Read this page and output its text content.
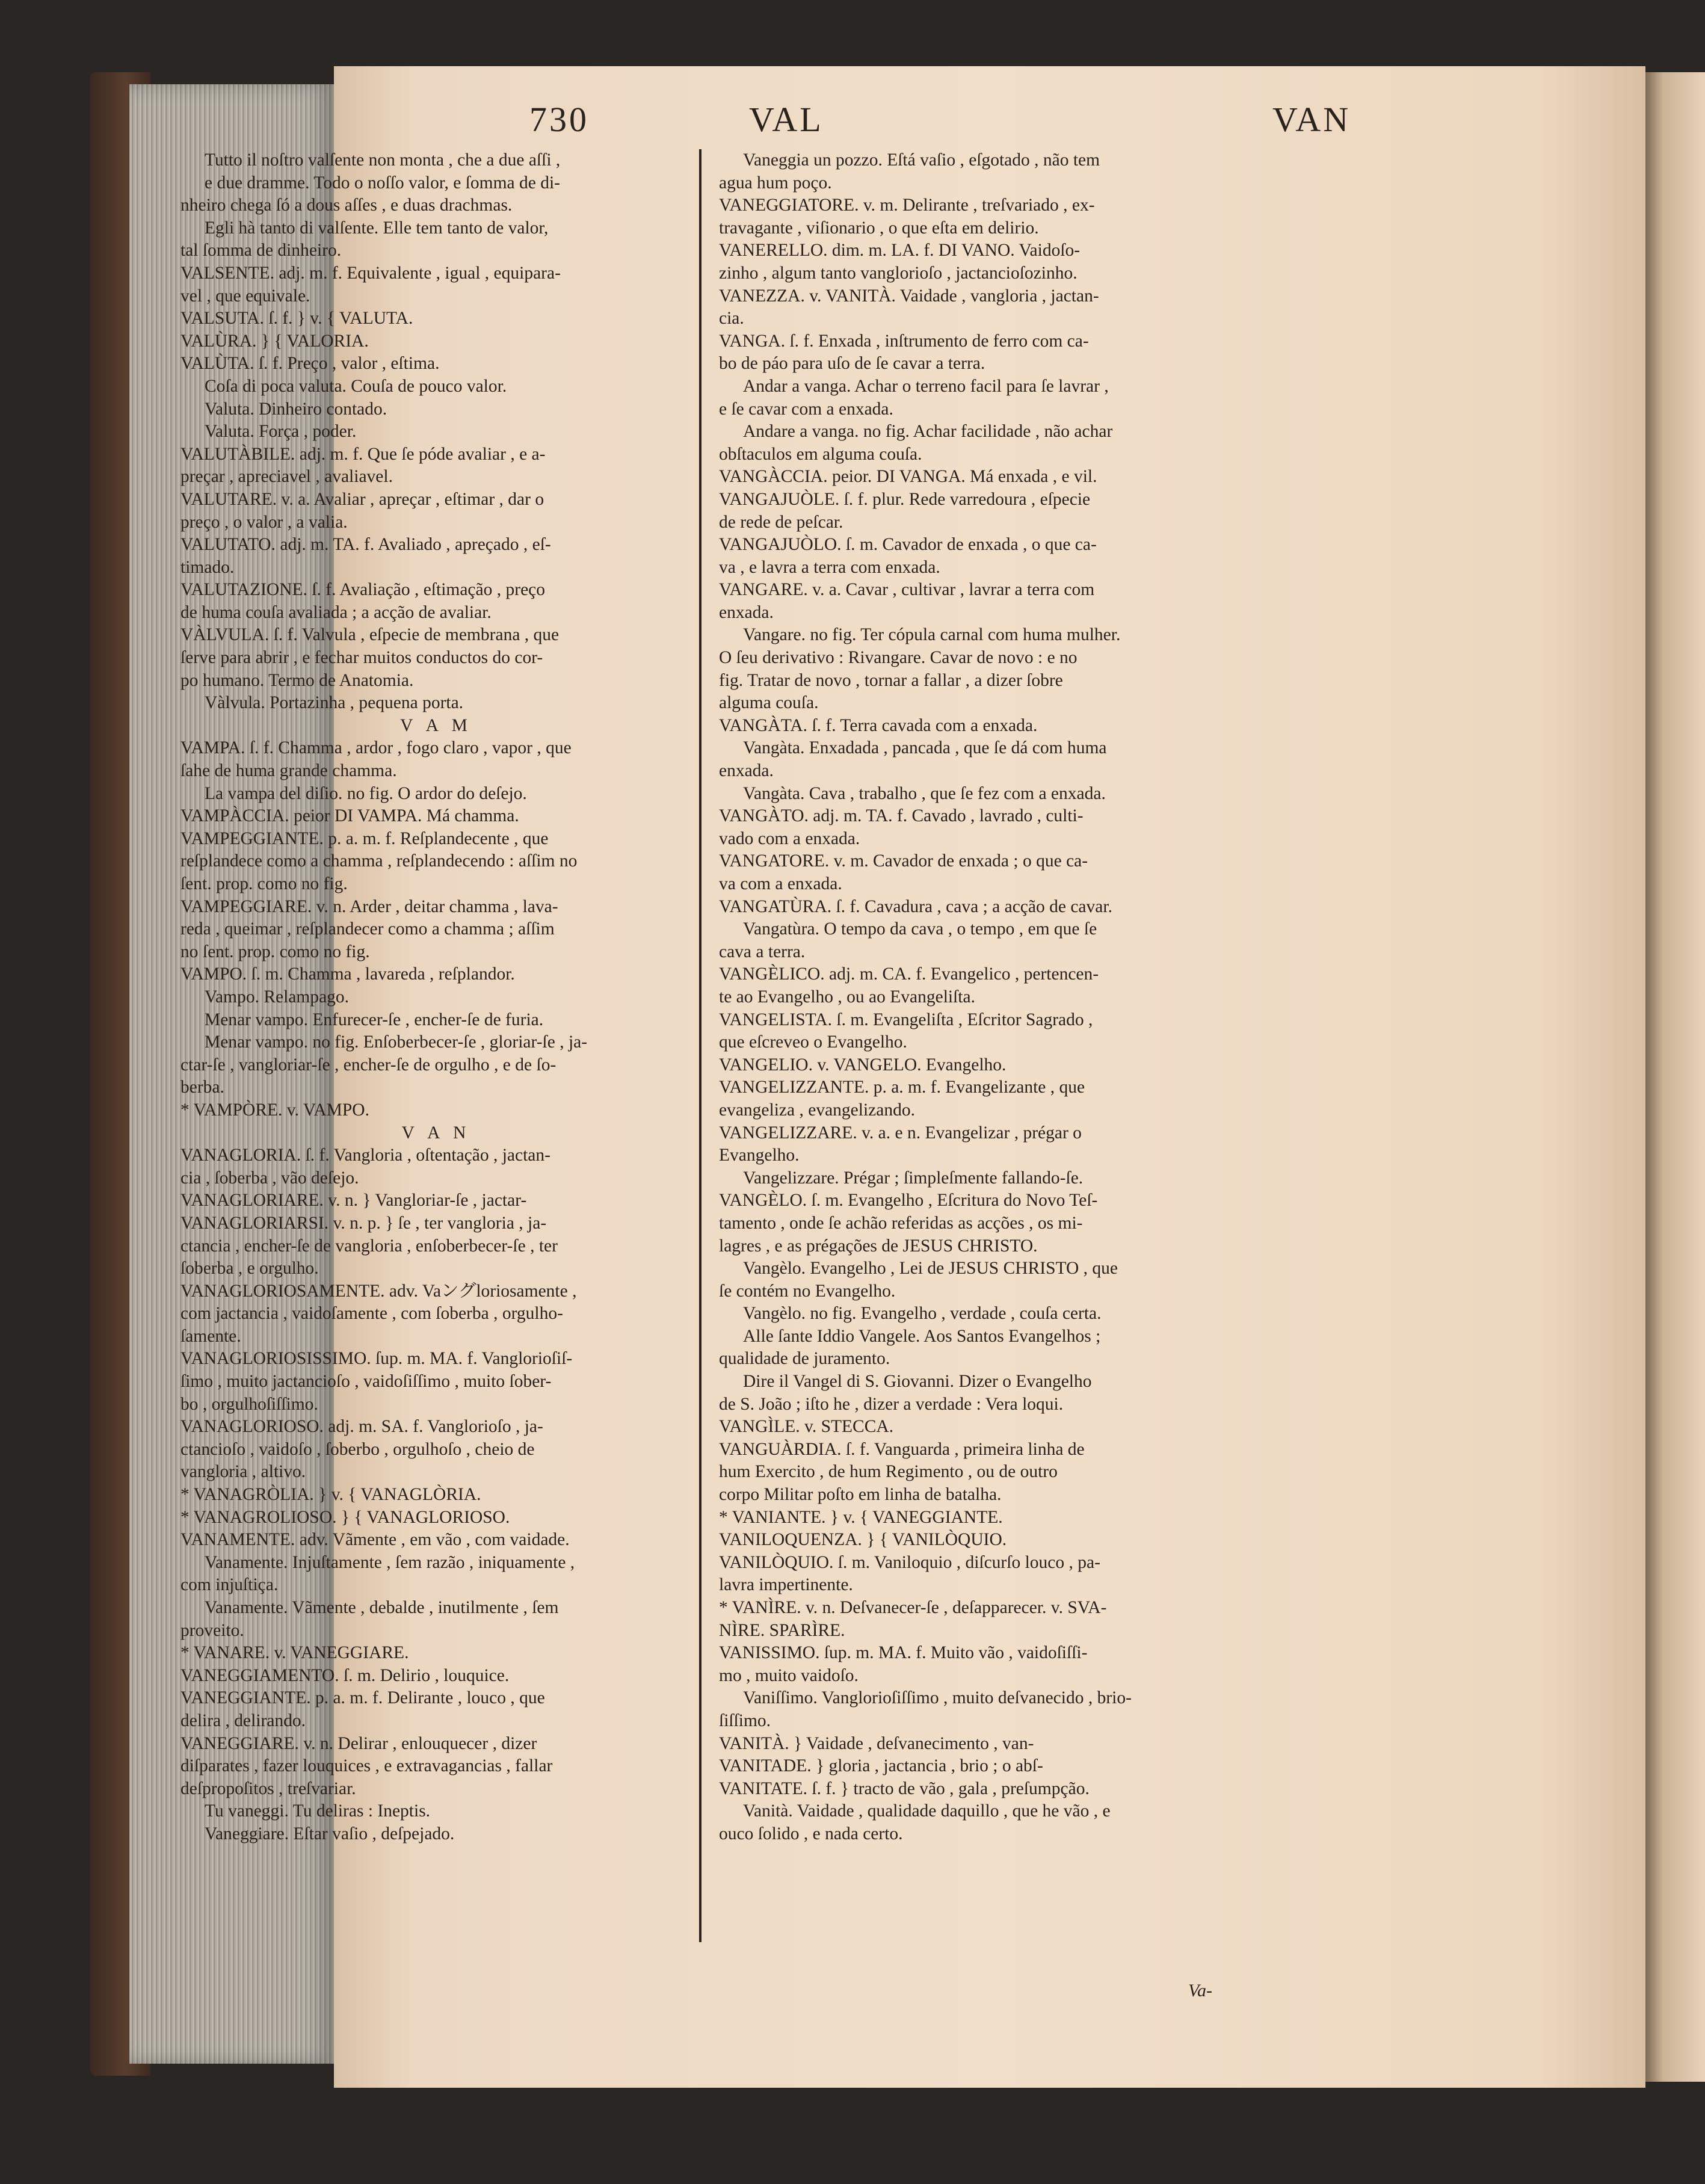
730	VAL	VAN
Tutto il noſtro valſente non monta , che a due aſſi ,
e due dramme. Todo o noſſo valor, e ſomma de di-
nheiro chega ſó a dous aſſes , e duas drachmas.
Egli hà tanto di valſente. Elle tem tanto de valor,
tal ſomma de dinheiro.
VALSENTE. adj. m. f. Equivalente , igual , equipara-
vel , que equivale.
VALSUTA. ſ. f. } v. { VALUTA.
VALÙRA. } { VALORIA.
VALÙTA. ſ. f. Preço , valor , eſtima.
Coſa di poca valuta. Couſa de pouco valor.
Valuta. Dinheiro contado.
Valuta. Força , poder.
VALUTÀBILE. adj. m. f. Que ſe póde avaliar , e a-
preçar , apreciavel , avaliavel.
VALUTARE. v. a. Avaliar , apreçar , eſtimar , dar o
preço , o valor , a valia.
VALUTATO. adj. m. TA. f. Avaliado , apreçado , eſ-
timado.
VALUTAZIONE. ſ. f. Avaliação , eſtimação , preço
de huma couſa avaliada ; a acção de avaliar.
VÀLVULA. ſ. f. Valvula , eſpecie de membrana , que
ſerve para abrir , e fechar muitos conductos do cor-
po humano. Termo de Anatomia.
Vàlvula. Portazinha , pequena porta.
V A M
VAMPA. ſ. f. Chamma , ardor , fogo claro , vapor , que
ſahe de huma grande chamma.
La vampa del diſio. no fig. O ardor do deſejo.
VAMPÀCCIA. peior DI VAMPA. Má chamma.
VAMPEGGIANTE. p. a. m. f. Reſplandecente , que
reſplandece como a chamma , reſplandecendo : aſſim no
ſent. prop. como no fig.
VAMPEGGIARE. v. n. Arder , deitar chamma , lava-
reda , queimar , reſplandecer como a chamma ; aſſim
no ſent. prop. como no fig.
VAMPO. ſ. m. Chamma , lavareda , reſplandor.
Vampo. Relampago.
Menar vampo. Enfurecer-ſe , encher-ſe de furia.
Menar vampo. no fig. Enſoberbecer-ſe , gloriar-ſe , ja-
ctar-ſe , vangloriar-ſe , encher-ſe de orgulho , e de ſo-
berba.
* VAMPÒRE. v. VAMPO.
V A N
VANAGLORIA. ſ. f. Vangloria , oſtentação , jactan-
cia , ſoberba , vão deſejo.
VANAGLORIARE. v. n. } Vangloriar-ſe , jactar-
VANAGLORIARSI. v. n. p. } ſe , ter vangloria , ja-
ctancia , encher-ſe de vangloria , enſoberbecer-ſe , ter
ſoberba , e orgulho.
VANAGLORIOSAMENTE. adv. Vaングloriosamente ,
com jactancia , vaidoſamente , com ſoberba , orgulho-
ſamente.
VANAGLORIOSISSIMO. ſup. m. MA. f. Vanglorioſiſ-
ſimo , muito jactancioſo , vaidoſiſſimo , muito ſober-
bo , orgulhoſiſſimo.
VANAGLORIOSO. adj. m. SA. f. Vanglorioſo , ja-
ctancioſo , vaidoſo , ſoberbo , orgulhoſo , cheio de
vangloria , altivo.
* VANAGRÒLIA. } v. { VANAGLÒRIA.
* VANAGROLIOSO. } { VANAGLORIOSO.
VANAMENTE. adv. Vãmente , em vão , com vaidade.
Vanamente. Injuſtamente , ſem razão , iniquamente ,
com injuſtiça.
Vanamente. Vãmente , debalde , inutilmente , ſem
proveito.
* VANARE. v. VANEGGIARE.
VANEGGIAMENTO. ſ. m. Delirio , louquice.
VANEGGIANTE. p. a. m. f. Delirante , louco , que
delira , delirando.
VANEGGIARE. v. n. Delirar , enlouquecer , dizer
diſparates , fazer louquices , e extravagancias , fallar
deſpropoſitos , treſvariar.
Tu vaneggi. Tu deliras : Ineptis.
Vaneggiare. Eſtar vaſio , deſpejado.
Vaneggia un pozzo. Eſtá vaſio , eſgotado , não tem
agua hum poço.
VANEGGIATORE. v. m. Delirante , treſvariado , ex-
travagante , viſionario , o que eſta em delirio.
VANERELLO. dim. m. LA. f. DI VANO. Vaidoſo-
zinho , algum tanto vanglorioſo , jactancioſozinho.
VANEZZA. v. VANITÀ. Vaidade , vangloria , jactan-
cia.
VANGA. ſ. f. Enxada , inſtrumento de ferro com ca-
bo de páo para uſo de ſe cavar a terra.
Andar a vanga. Achar o terreno facil para ſe lavrar ,
e ſe cavar com a enxada.
Andare a vanga. no fig. Achar facilidade , não achar
obſtaculos em alguma couſa.
VANGÀCCIA. peior. DI VANGA. Má enxada , e vil.
VANGAJUÒLE. ſ. f. plur. Rede varredoura , eſpecie
de rede de peſcar.
VANGAJUÒLO. ſ. m. Cavador de enxada , o que ca-
va , e lavra a terra com enxada.
VANGARE. v. a. Cavar , cultivar , lavrar a terra com
enxada.
Vangare. no fig. Ter cópula carnal com huma mulher.
O ſeu derivativo : Rivangare. Cavar de novo : e no
fig. Tratar de novo , tornar a fallar , a dizer ſobre
alguma couſa.
VANGÀTA. ſ. f. Terra cavada com a enxada.
Vangàta. Enxadada , pancada , que ſe dá com huma
enxada.
Vangàta. Cava , trabalho , que ſe fez com a enxada.
VANGÀTO. adj. m. TA. f. Cavado , lavrado , culti-
vado com a enxada.
VANGATORE. v. m. Cavador de enxada ; o que ca-
va com a enxada.
VANGATÙRA. ſ. f. Cavadura , cava ; a acção de cavar.
Vangatùra. O tempo da cava , o tempo , em que ſe
cava a terra.
VANGÈLICO. adj. m. CA. f. Evangelico , pertencen-
te ao Evangelho , ou ao Evangeliſta.
VANGELISTA. ſ. m. Evangeliſta , Eſcritor Sagrado ,
que eſcreveo o Evangelho.
VANGELIO. v. VANGELO. Evangelho.
VANGELIZZANTE. p. a. m. f. Evangelizante , que
evangeliza , evangelizando.
VANGELIZZARE. v. a. e n. Evangelizar , prégar o
Evangelho.
Vangelizzare. Prégar ; ſimpleſmente fallando-ſe.
VANGÈLO. ſ. m. Evangelho , Eſcritura do Novo Teſ-
tamento , onde ſe achão referidas as acções , os mi-
lagres , e as prégações de JESUS CHRISTO.
Vangèlo. Evangelho , Lei de JESUS CHRISTO , que
ſe contém no Evangelho.
Vangèlo. no fig. Evangelho , verdade , couſa certa.
Alle ſante Iddio Vangele. Aos Santos Evangelhos ;
qualidade de juramento.
Dire il Vangel di S. Giovanni. Dizer o Evangelho
de S. João ; iſto he , dizer a verdade : Vera loqui.
VANGÌLE. v. STECCA.
VANGUÀRDIA. ſ. f. Vanguarda , primeira linha de
hum Exercito , de hum Regimento , ou de outro
corpo Militar poſto em linha de batalha.
* VANIANTE. } v. { VANEGGIANTE.
VANILOQUENZA. } { VANILÒQUIO.
VANILÒQUIO. ſ. m. Vaniloquio , diſcurſo louco , pa-
lavra impertinente.
* VANÌRE. v. n. Deſvanecer-ſe , deſapparecer. v. SVA-
NÌRE. SPARÌRE.
VANISSIMO. ſup. m. MA. f. Muito vão , vaidoſiſſi-
mo , muito vaidoſo.
Vaniſſimo. Vanglorioſiſſimo , muito deſvanecido , brio-
ſiſſimo.
VANITÀ. } Vaidade , deſvanecimento , van-
VANITADE. } gloria , jactancia , brio ; o abſ-
VANITATE. ſ. f. } tracto de vão , gala , preſumpção.
Vanità. Vaidade , qualidade daquillo , que he vão , e
ouco ſolido , e nada certo.
Va-
